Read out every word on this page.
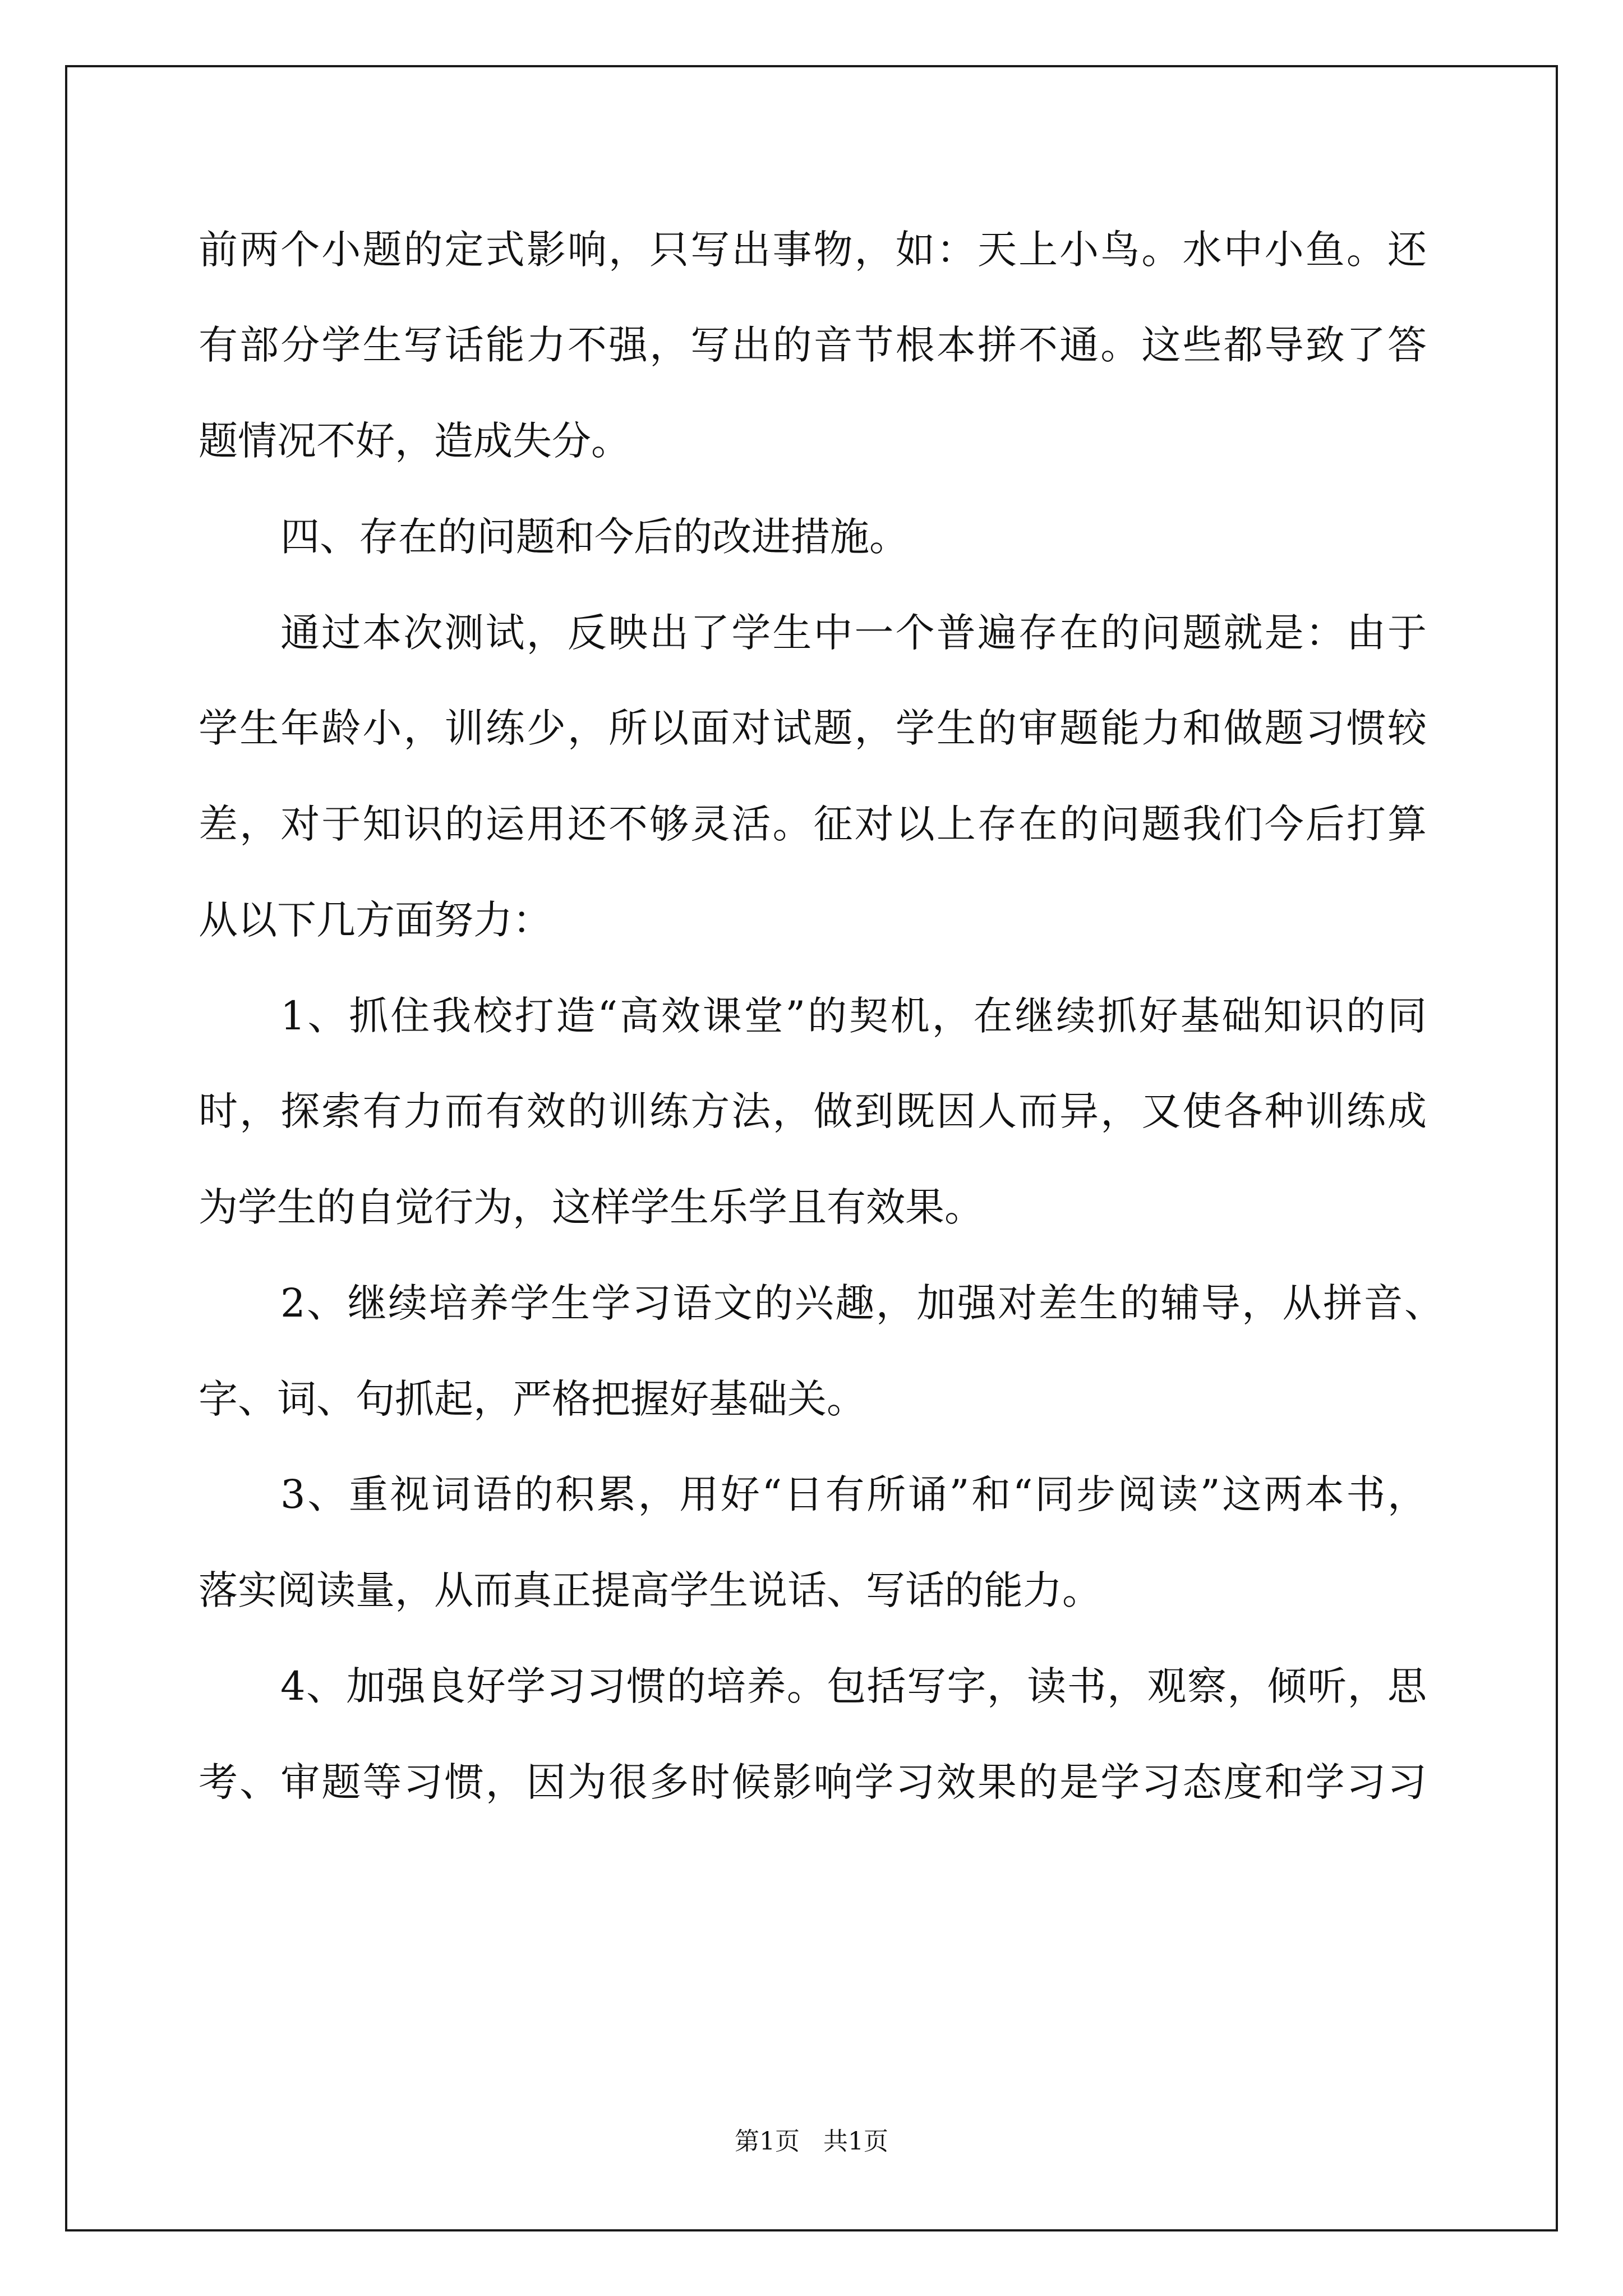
前两个小题的定式影响，只写出事物，如：天上小鸟。水中小鱼。还

有部分学生写话能力不强，写出的音节根本拼不通。这些都导致了答

题情况不好，造成失分。

四、存在的问题和今后的改进措施。

通过本次测试，反映出了学生中一个普遍存在的问题就是：由于

学生年龄小，训练少，所以面对试题，学生的审题能力和做题习惯较

差，对于知识的运用还不够灵活。征对以上存在的问题我们今后打算

从以下几方面努力：

1、抓住我校打造“高效课堂”的契机，在继续抓好基础知识的同

时，探索有力而有效的训练方法，做到既因人而异，又使各种训练成

为学生的自觉行为，这样学生乐学且有效果。

2、继续培养学生学习语文的兴趣，加强对差生的辅导，从拼音、

字、词、句抓起，严格把握好基础关。

3、重视词语的积累，用好“日有所诵”和“同步阅读”这两本书，

落实阅读量，从而真正提高学生说话、写话的能力。

4、加强良好学习习惯的培养。包括写字，读书，观察，倾听，思

考、审题等习惯，因为很多时候影响学习效果的是学习态度和学习习

第1页 共1页
